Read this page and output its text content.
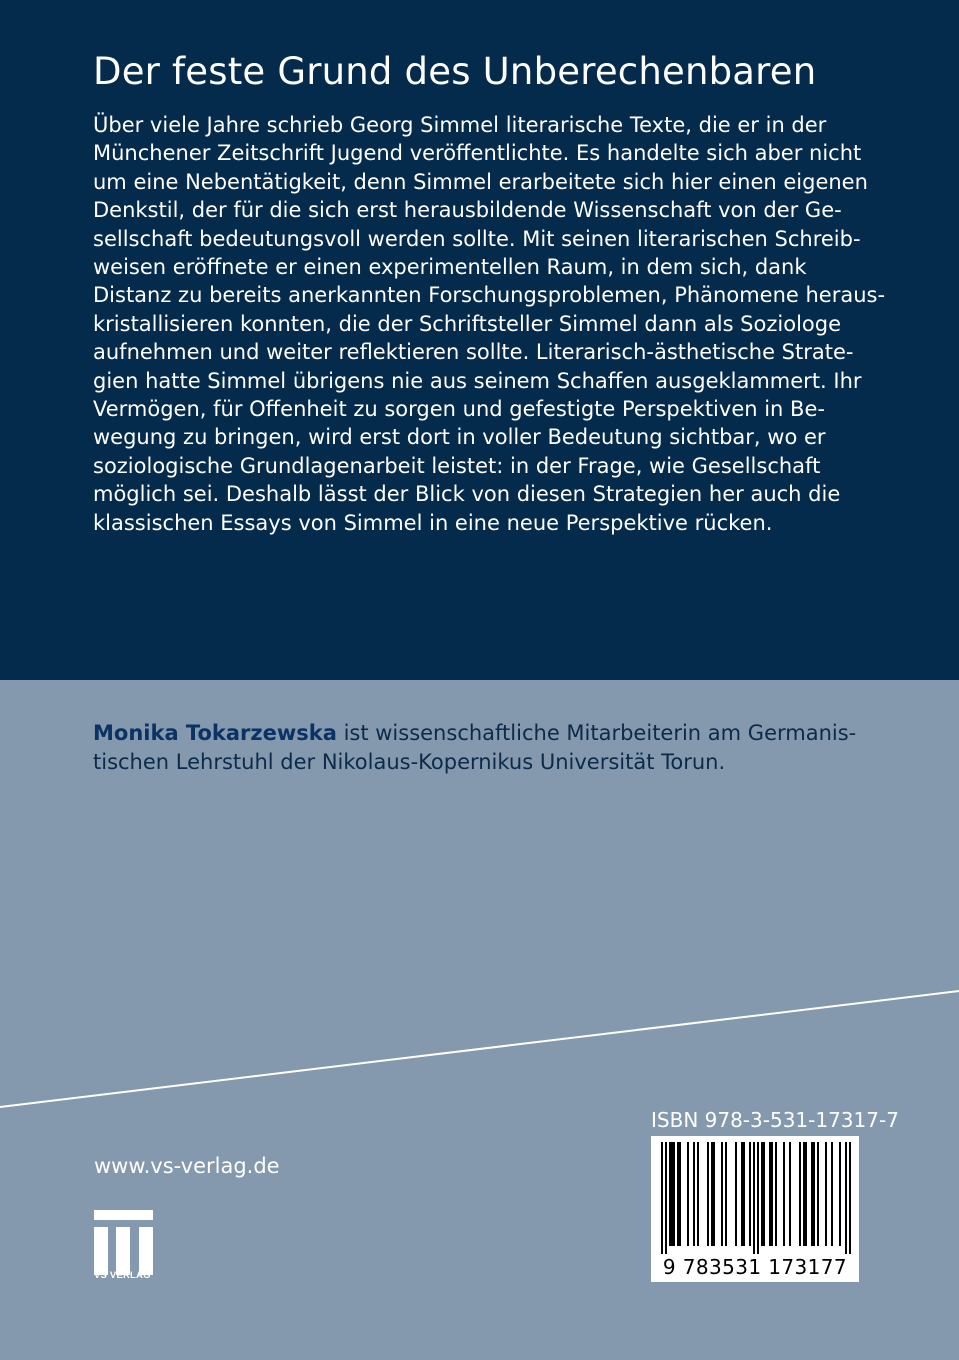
Der feste Grund des Unberechenbaren
Über viele Jahre schrieb Georg Simmel literarische Texte, die er in der
Münchener Zeitschrift Jugend veröffentlichte. Es handelte sich aber nicht
um eine Nebentätigkeit, denn Simmel erarbeitete sich hier einen eigenen
Denkstil, der für die sich erst herausbildende Wissenschaft von der Ge-
sellschaft bedeutungsvoll werden sollte. Mit seinen literarischen Schreib-
weisen eröffnete er einen experimentellen Raum, in dem sich, dank
Distanz zu bereits anerkannten Forschungsproblemen, Phänomene heraus-
kristallisieren konnten, die der Schriftsteller Simmel dann als Soziologe
aufnehmen und weiter reflektieren sollte. Literarisch-ästhetische Strate-
gien hatte Simmel übrigens nie aus seinem Schaffen ausgeklammert. Ihr
Vermögen, für Offenheit zu sorgen und gefestigte Perspektiven in Be-
wegung zu bringen, wird erst dort in voller Bedeutung sichtbar, wo er
soziologische Grundlagenarbeit leistet: in der Frage, wie Gesellschaft
möglich sei. Deshalb lässt der Blick von diesen Strategien her auch die
klassischen Essays von Simmel in eine neue Perspektive rücken.
Monika Tokarzewska ist wissenschaftliche Mitarbeiterin am Germanis-
tischen Lehrstuhl der Nikolaus-Kopernikus Universität Torun.
www.vs-verlag.de
VS VERLAG
ISBN 978-3-531-17317-7
9 783531 173177
